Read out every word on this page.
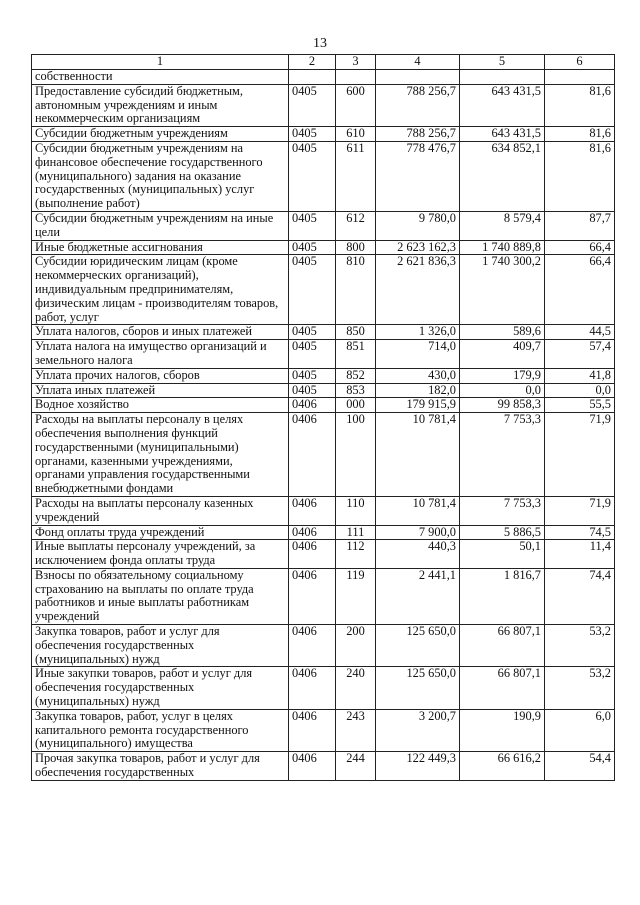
13
1	2	3	4	5	6
собственности					
Предоставление субсидий бюджетным, автономным учреждениям и иным некоммерческим организациям	0405	600	788 256,7	643 431,5	81,6
Субсидии бюджетным учреждениям	0405	610	788 256,7	643 431,5	81,6
Субсидии бюджетным учреждениям на финансовое обеспечение государственного (муниципального) задания на оказание государственных (муниципальных) услуг (выполнение работ)	0405	611	778 476,7	634 852,1	81,6
Субсидии бюджетным учреждениям на иные цели	0405	612	9 780,0	8 579,4	87,7
Иные бюджетные ассигнования	0405	800	2 623 162,3	1 740 889,8	66,4
Субсидии юридическим лицам (кроме некоммерческих организаций), индивидуальным предпринимателям, физическим лицам - производителям товаров, работ, услуг	0405	810	2 621 836,3	1 740 300,2	66,4
Уплата налогов, сборов и иных платежей	0405	850	1 326,0	589,6	44,5
Уплата налога на имущество организаций и земельного налога	0405	851	714,0	409,7	57,4
Уплата прочих налогов, сборов	0405	852	430,0	179,9	41,8
Уплата иных платежей	0405	853	182,0	0,0	0,0
Водное хозяйство	0406	000	179 915,9	99 858,3	55,5
Расходы на выплаты персоналу в целях обеспечения выполнения функций государственными (муниципальными) органами, казенными учреждениями, органами управления государственными внебюджетными фондами	0406	100	10 781,4	7 753,3	71,9
Расходы на выплаты персоналу казенных учреждений	0406	110	10 781,4	7 753,3	71,9
Фонд оплаты труда учреждений	0406	111	7 900,0	5 886,5	74,5
Иные выплаты персоналу учреждений, за исключением фонда оплаты труда	0406	112	440,3	50,1	11,4
Взносы по обязательному социальному страхованию на выплаты по оплате труда работников и иные выплаты работникам учреждений	0406	119	2 441,1	1 816,7	74,4
Закупка товаров, работ и услуг для обеспечения государственных (муниципальных) нужд	0406	200	125 650,0	66 807,1	53,2
Иные закупки товаров, работ и услуг для обеспечения государственных (муниципальных) нужд	0406	240	125 650,0	66 807,1	53,2
Закупка товаров, работ, услуг в целях капитального ремонта государственного (муниципального) имущества	0406	243	3 200,7	190,9	6,0
Прочая закупка товаров, работ и услуг для обеспечения государственных	0406	244	122 449,3	66 616,2	54,4
